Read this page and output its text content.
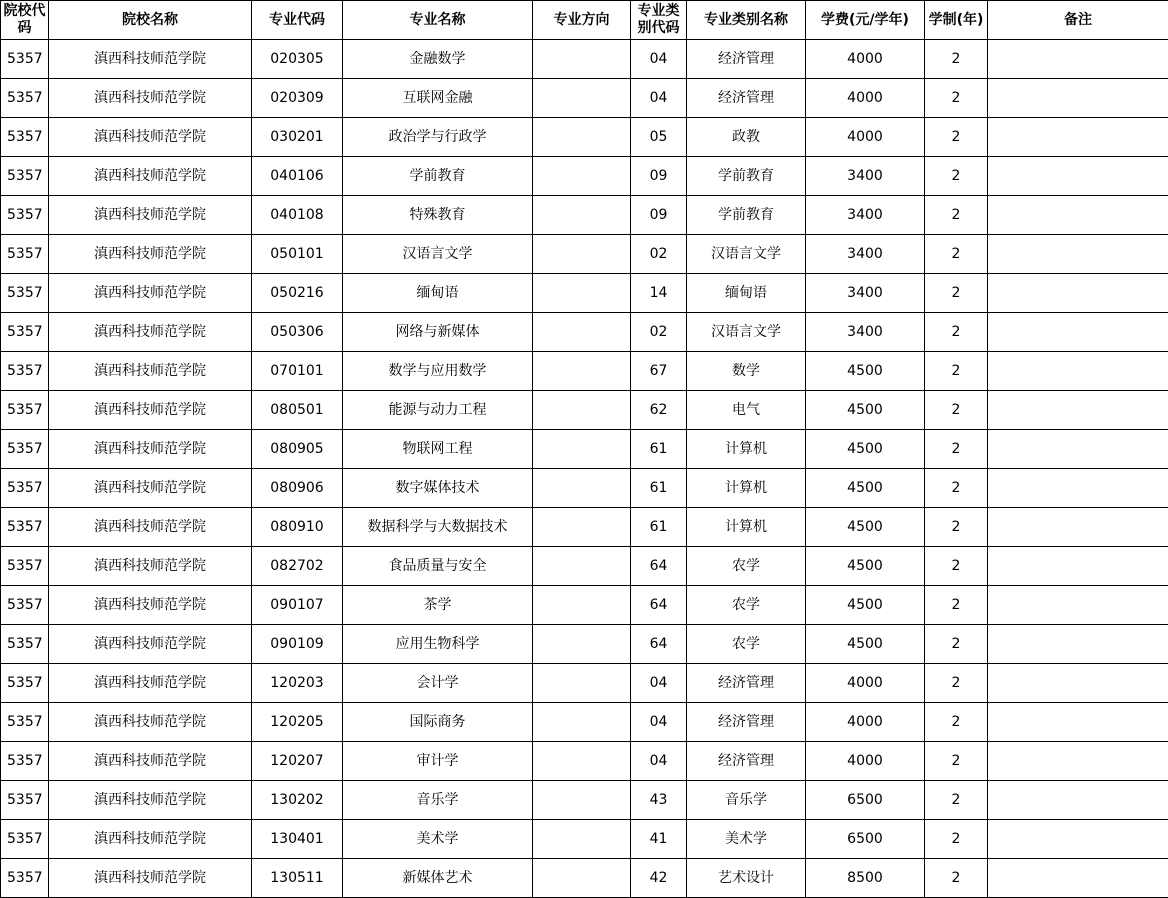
院校代码	院校名称	专业代码	专业名称	专业方向	专业类别代码	专业类别名称	学费(元/学年)	学制(年)	备注
5357	滇西科技师范学院	020305	金融数学		04	经济管理	4000	2	
5357	滇西科技师范学院	020309	互联网金融		04	经济管理	4000	2	
5357	滇西科技师范学院	030201	政治学与行政学		05	政教	4000	2	
5357	滇西科技师范学院	040106	学前教育		09	学前教育	3400	2	
5357	滇西科技师范学院	040108	特殊教育		09	学前教育	3400	2	
5357	滇西科技师范学院	050101	汉语言文学		02	汉语言文学	3400	2	
5357	滇西科技师范学院	050216	缅甸语		14	缅甸语	3400	2	
5357	滇西科技师范学院	050306	网络与新媒体		02	汉语言文学	3400	2	
5357	滇西科技师范学院	070101	数学与应用数学		67	数学	4500	2	
5357	滇西科技师范学院	080501	能源与动力工程		62	电气	4500	2	
5357	滇西科技师范学院	080905	物联网工程		61	计算机	4500	2	
5357	滇西科技师范学院	080906	数字媒体技术		61	计算机	4500	2	
5357	滇西科技师范学院	080910	数据科学与大数据技术		61	计算机	4500	2	
5357	滇西科技师范学院	082702	食品质量与安全		64	农学	4500	2	
5357	滇西科技师范学院	090107	茶学		64	农学	4500	2	
5357	滇西科技师范学院	090109	应用生物科学		64	农学	4500	2	
5357	滇西科技师范学院	120203	会计学		04	经济管理	4000	2	
5357	滇西科技师范学院	120205	国际商务		04	经济管理	4000	2	
5357	滇西科技师范学院	120207	审计学		04	经济管理	4000	2	
5357	滇西科技师范学院	130202	音乐学		43	音乐学	6500	2	
5357	滇西科技师范学院	130401	美术学		41	美术学	6500	2	
5357	滇西科技师范学院	130511	新媒体艺术		42	艺术设计	8500	2	
